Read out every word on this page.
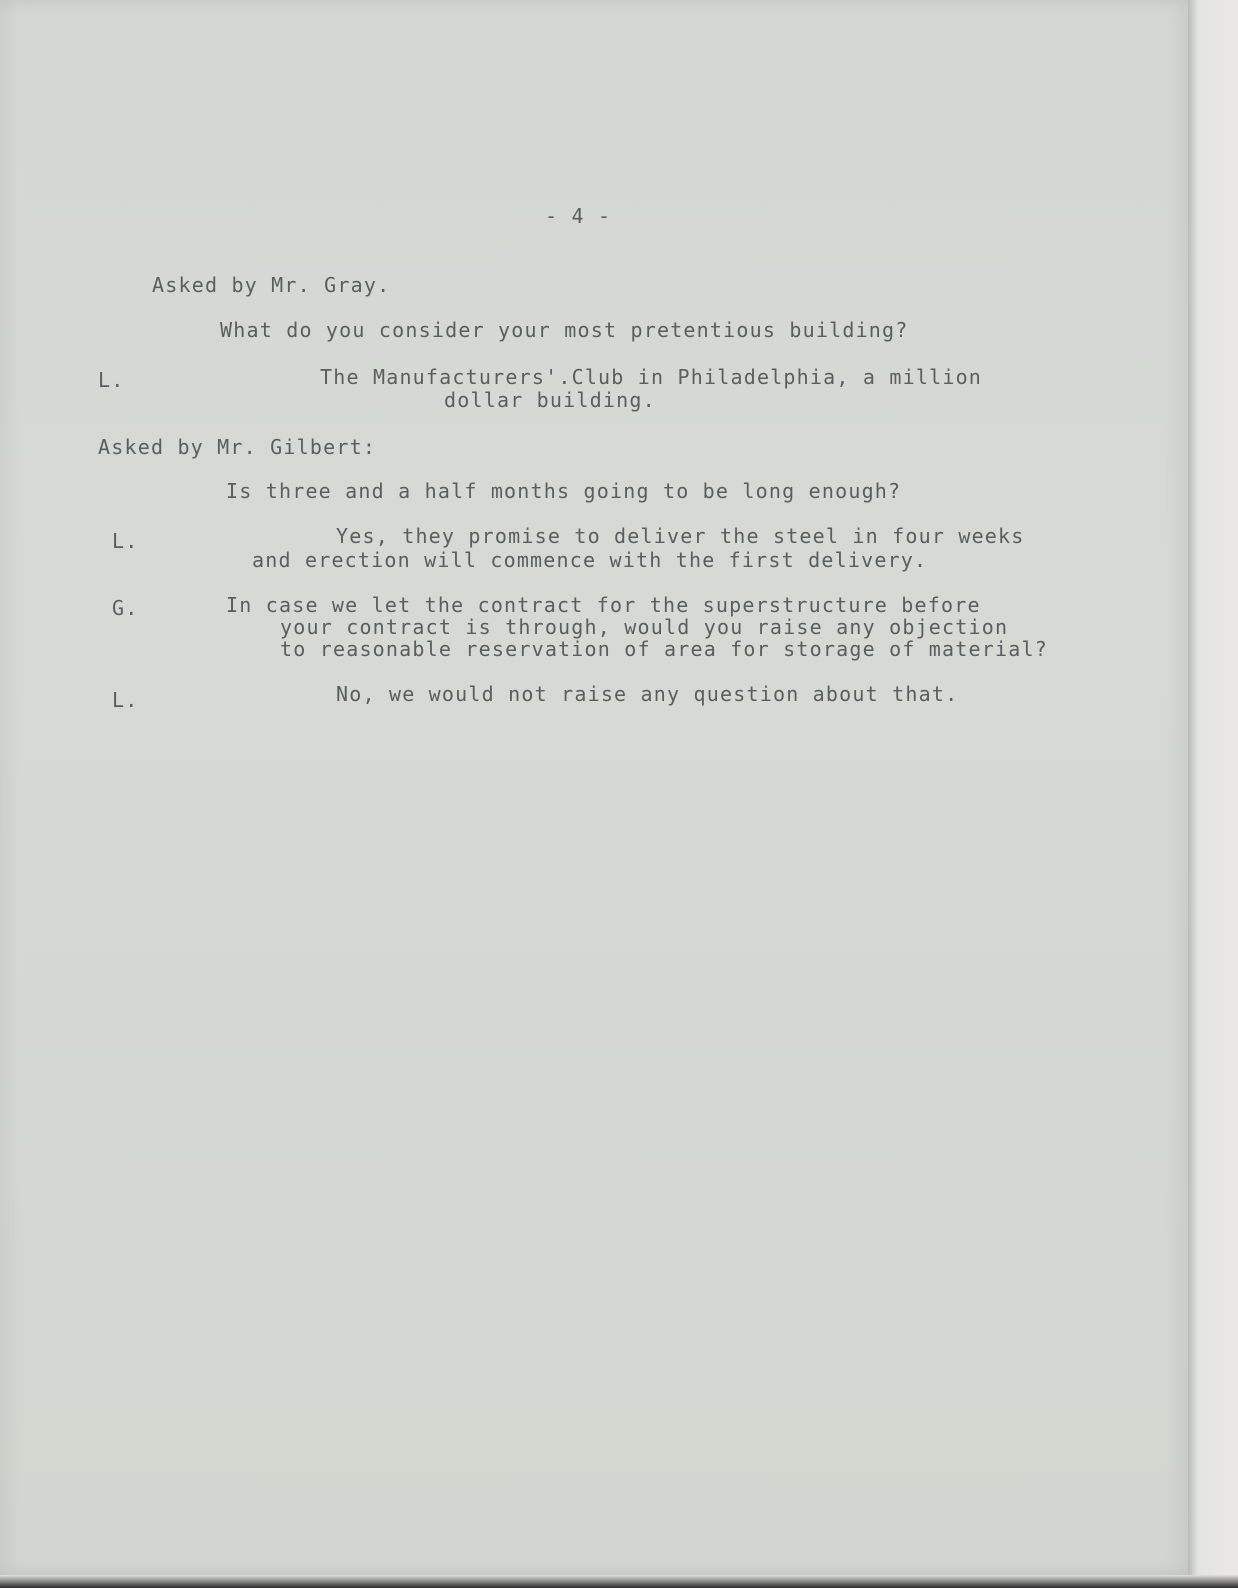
- 4 -
Asked by Mr. Gray.
What do you consider your most pretentious building?
L.	The Manufacturers'.Club in Philadelphia, a million
dollar building.
Asked by Mr. Gilbert:
Is three and a half months going to be long enough?
L.	Yes, they promise to deliver the steel in four weeks
and erection will commence with the first delivery.
G.	In case we let the contract for the superstructure before
your contract is through, would you raise any objection
to reasonable reservation of area for storage of material?
L.	No, we would not raise any question about that.
